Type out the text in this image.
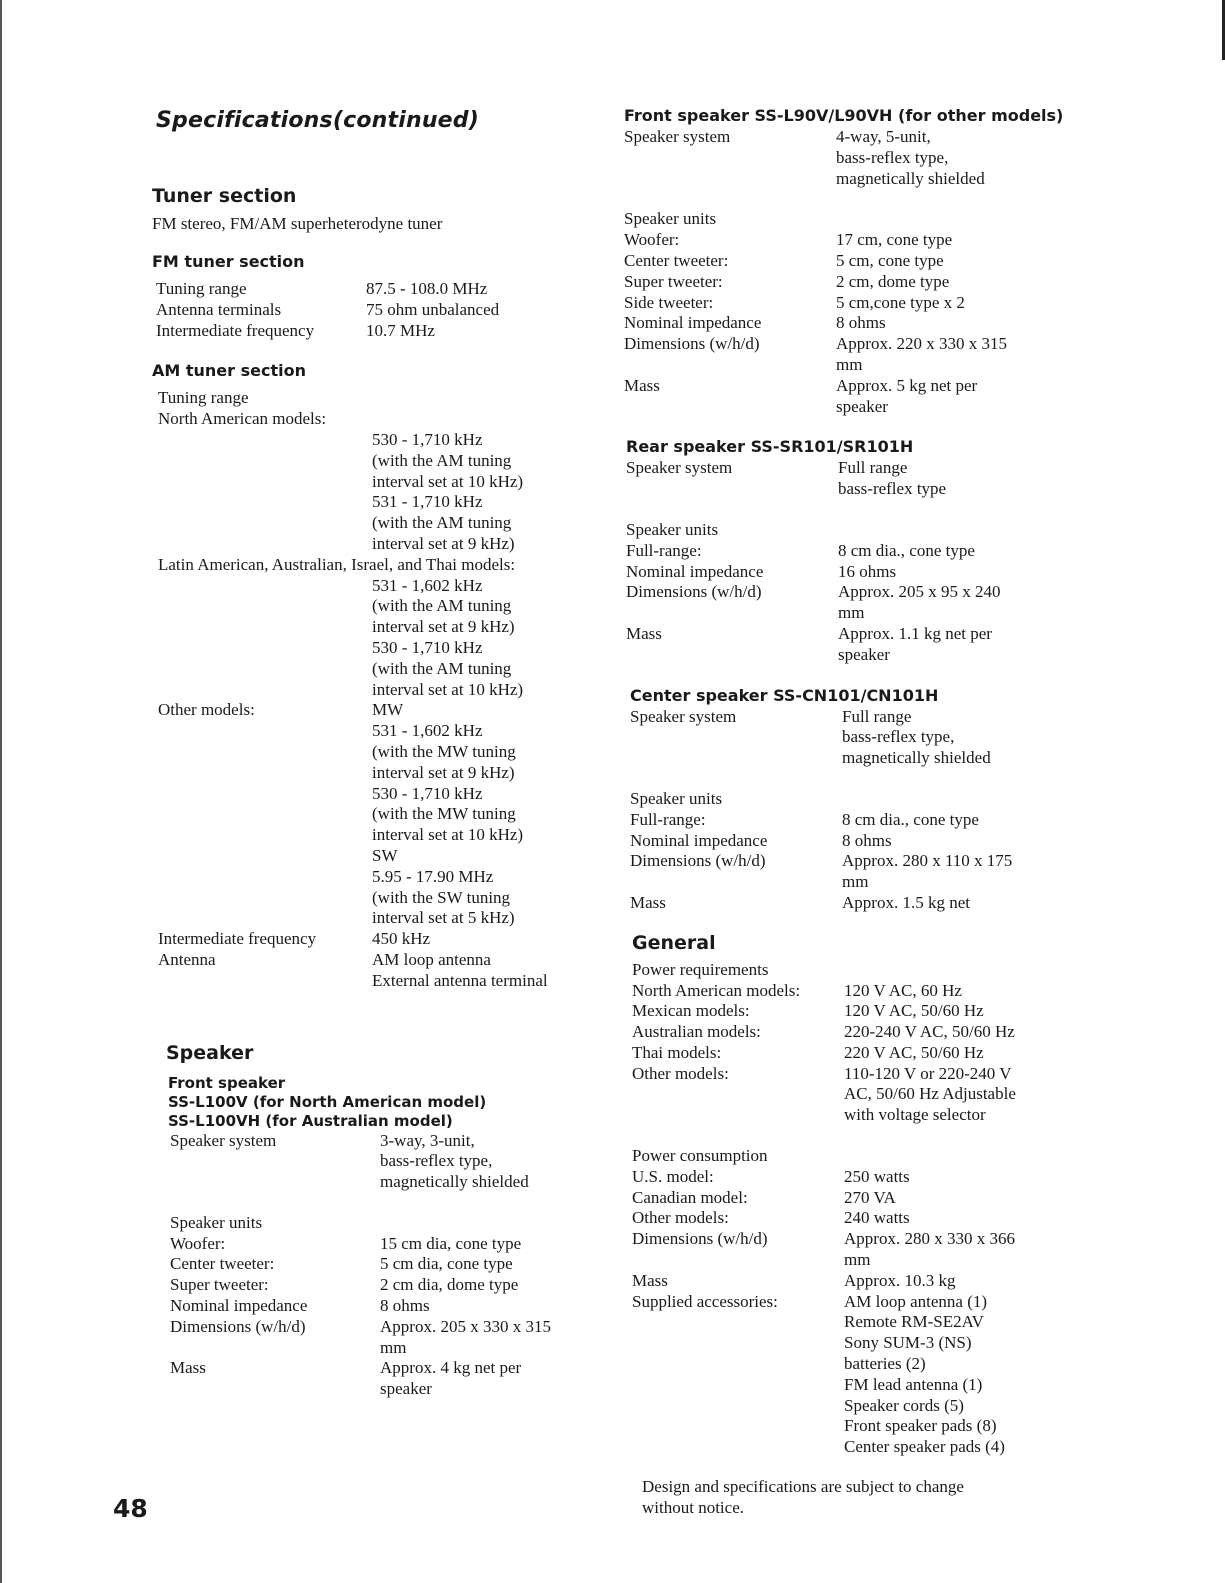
Specifications(continued)
Tuner section
FM stereo, FM/AM superheterodyne tuner
FM tuner section
Tuning range	87.5 - 108.0 MHz
Antenna terminals	75 ohm unbalanced
Intermediate frequency	10.7 MHz
AM tuner section
Tuning range	
North American models:	
	530 - 1,710 kHz
	(with the AM tuning
	interval set at 10 kHz)
	531 - 1,710 kHz
	(with the AM tuning
	interval set at 9 kHz)
Latin American, Australian, Israel, and Thai models:	
	531 - 1,602 kHz
	(with the AM tuning
	interval set at 9 kHz)
	530 - 1,710 kHz
	(with the AM tuning
	interval set at 10 kHz)
Other models:	MW
	531 - 1,602 kHz
	(with the MW tuning
	interval set at 9 kHz)
	530 - 1,710 kHz
	(with the MW tuning
	interval set at 10 kHz)
	SW
	5.95 - 17.90 MHz
	(with the SW tuning
	interval set at 5 kHz)
Intermediate frequency	450 kHz
Antenna	AM loop antenna
	External antenna terminal
Speaker
Front speaker
SS-L100V (for North American model)
SS-L100VH (for Australian model)
Speaker system	3-way, 3-unit,
	bass-reflex type,
	magnetically shielded

Speaker units	
Woofer:	15 cm dia, cone type
Center tweeter:	5 cm dia, cone type
Super tweeter:	2 cm dia, dome type
Nominal impedance	8 ohms
Dimensions (w/h/d)	Approx. 205 x 330 x 315
	mm
Mass	Approx. 4 kg net per
	speaker
Front speaker SS-L90V/L90VH (for other models)
Speaker system	4-way, 5-unit,
	bass-reflex type,
	magnetically shielded

Speaker units	
Woofer:	17 cm, cone type
Center tweeter:	5 cm, cone type
Super tweeter:	2 cm, dome type
Side tweeter:	5 cm,cone type x 2
Nominal impedance	8 ohms
Dimensions (w/h/d)	Approx. 220 x 330 x 315
	mm
Mass	Approx. 5 kg net per
	speaker
Rear speaker SS-SR101/SR101H
Speaker system	Full range
	bass-reflex type

Speaker units	
Full-range:	8 cm dia., cone type
Nominal impedance	16 ohms
Dimensions (w/h/d)	Approx. 205 x 95 x 240
	mm
Mass	Approx. 1.1 kg net per
	speaker
Center speaker SS-CN101/CN101H
Speaker system	Full range
	bass-reflex type,
	magnetically shielded

Speaker units	
Full-range:	8 cm dia., cone type
Nominal impedance	8 ohms
Dimensions (w/h/d)	Approx. 280 x 110 x 175
	mm
Mass	Approx. 1.5 kg net
General
Power requirements	
North American models:	120 V AC, 60 Hz
Mexican models:	120 V AC, 50/60 Hz
Australian models:	220-240 V AC, 50/60 Hz
Thai models:	220 V AC, 50/60 Hz
Other models:	110-120 V or 220-240 V
	AC, 50/60 Hz Adjustable
	with voltage selector

Power consumption	
U.S. model:	250 watts
Canadian model:	270 VA
Other models:	240 watts
Dimensions (w/h/d)	Approx. 280 x 330 x 366
	mm
Mass	Approx. 10.3 kg
Supplied accessories:	AM loop antenna (1)
	Remote RM-SE2AV
	Sony SUM-3 (NS)
	batteries (2)
	FM lead antenna (1)
	Speaker cords (5)
	Front speaker pads (8)
	Center speaker pads (4)
Design and specifications are subject to change
without notice.
48
